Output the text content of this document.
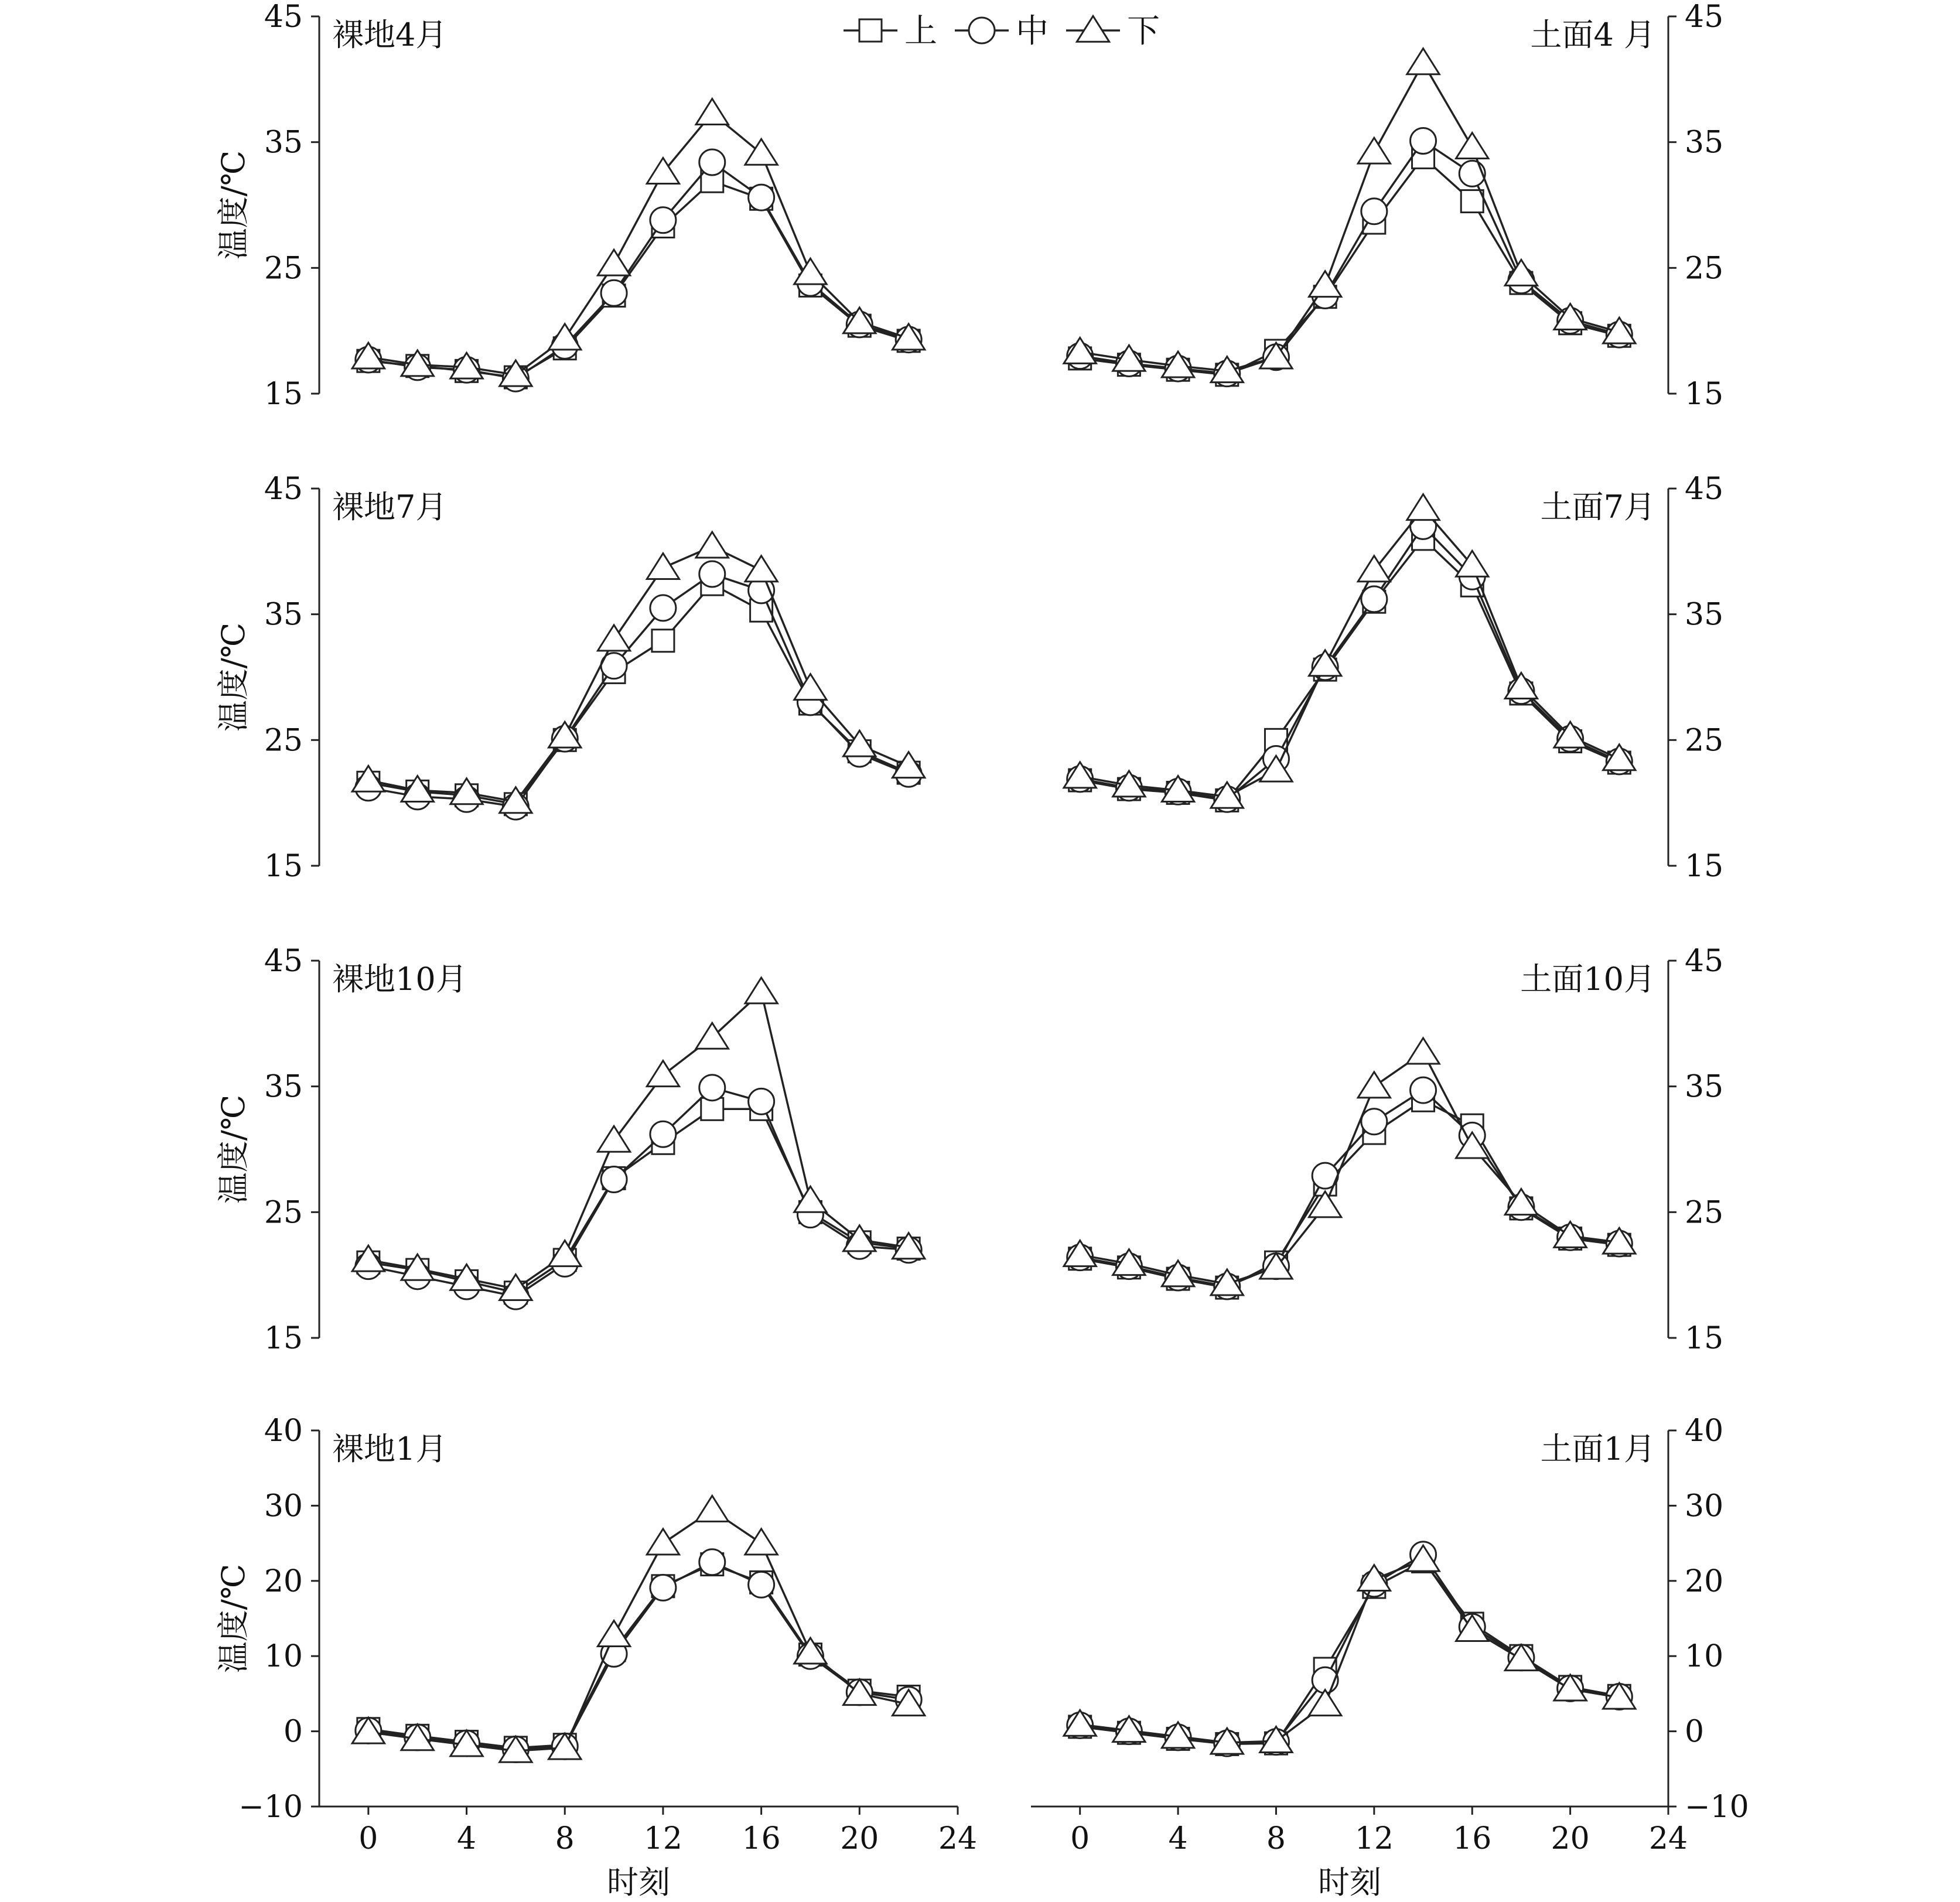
15
25
35
45
温度/℃
裸地4月
15
25
35
45
土面4 月
15
25
35
45
温度/℃
裸地7月
15
25
35
45
土面7月
15
25
35
45
温度/℃
裸地10月
15
25
35
45
土面10月
−10
0
10
20
30
40
温度/℃
裸地1月
0	4	8 12 16 20 24
时刻
−10
0
10
20
30
40
土面1月
0	4	8 12 16 20 24
时刻
上 中 下
